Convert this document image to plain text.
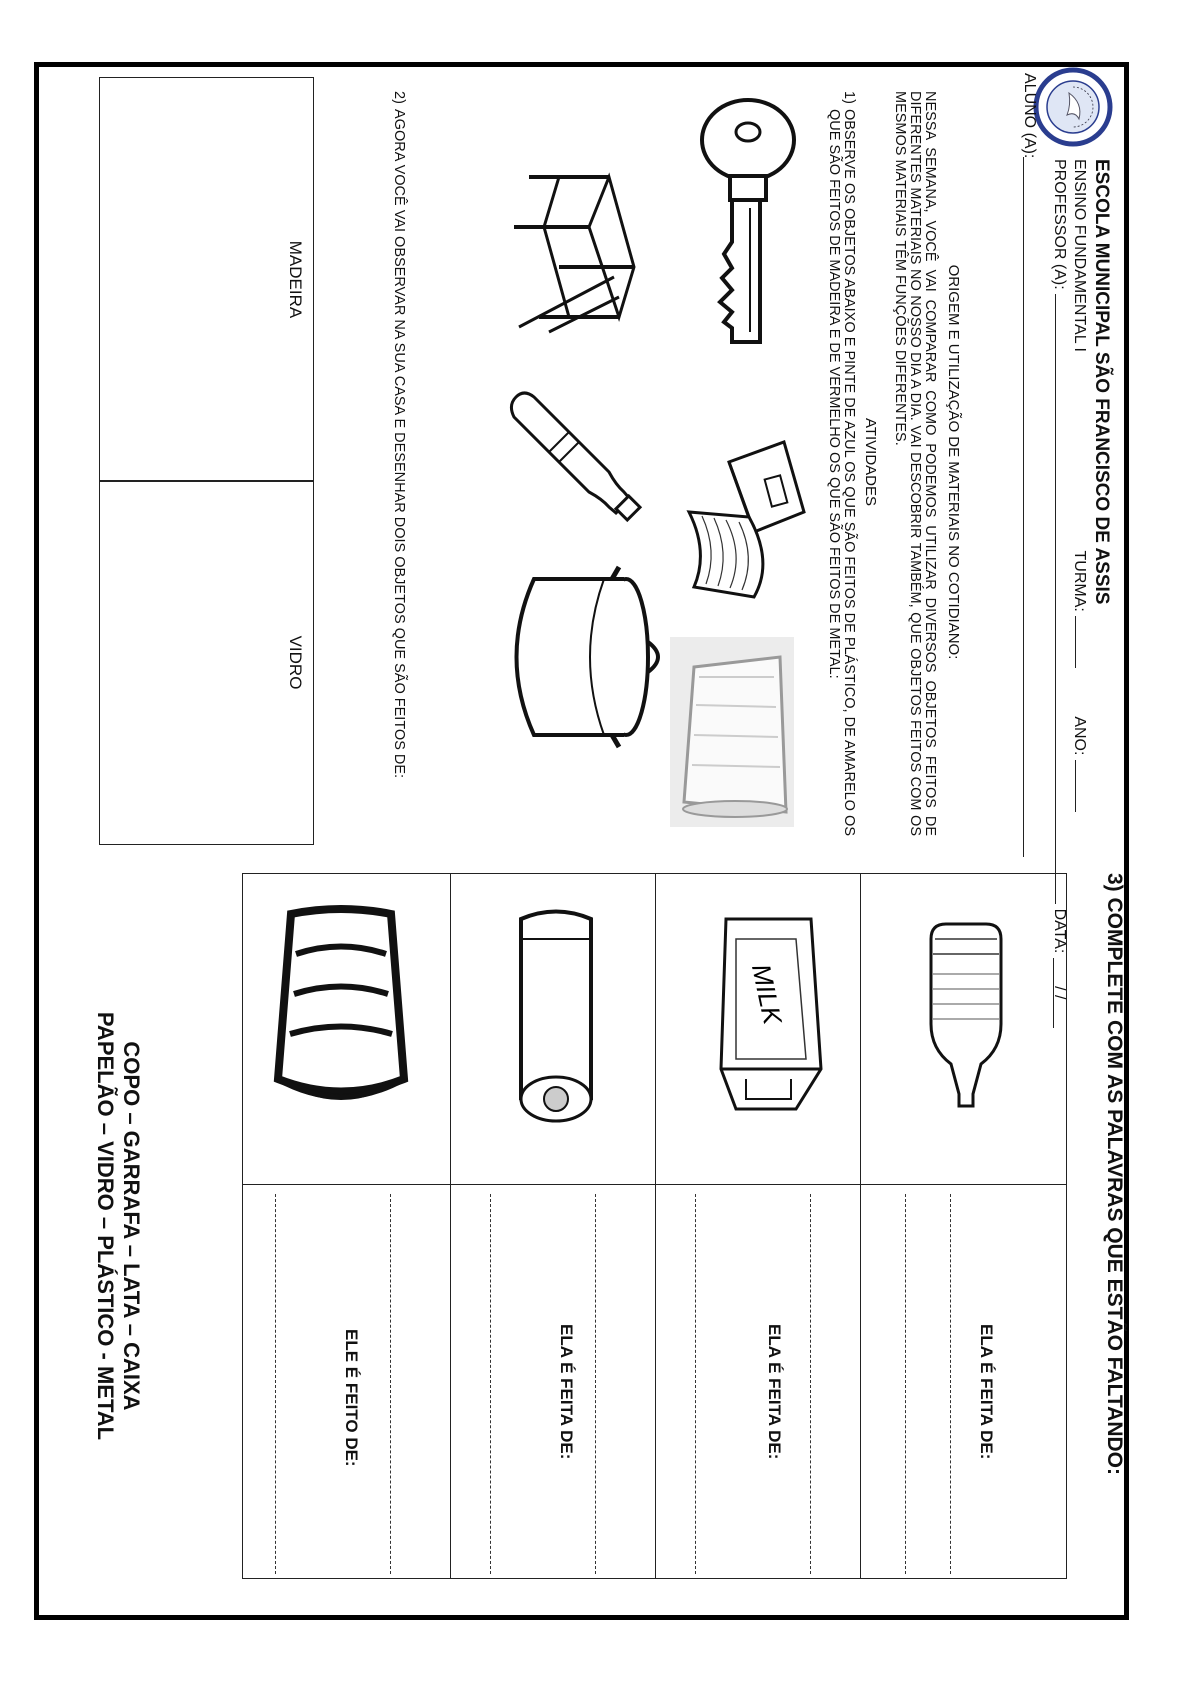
ESCOLA MUNICIPAL SÃO FRANCISCO DE ASSIS
ENSINO FUNDAMENTAL I  TURMA:   ANO:
PROFESSOR (A):  DATA: / /
ALUNO (A):
ORIGEM E UTILIZAÇÃO DE MATERIAIS NO COTIDIANO:
NESSA SEMANA, VOCÊ VAI COMPARAR COMO PODEMOS UTILIZAR DIVERSOS OBJETOS FEITOS DE DIFERENTES MATERIAIS NO NOSSO DIA A DIA. VAI DESCOBRIR TAMBÉM, QUE OBJETOS FEITOS COM OS MESMOS MATERIAIS TÊM FUNÇÕES DIFERENTES.
ATIVIDADES
1)
OBSERVE OS OBJETOS ABAIXO E PINTE DE AZUL OS QUE SÃO FEITOS DE PLÁSTICO, DE AMARELO OS QUE SÃO FEITOS DE MADEIRA E DE VERMELHO OS QUE SÃO FEITOS DE METAL:
2)
AGORA VOCÊ VAI OBSERVAR NA SUA CASA E DESENHAR DOIS OBJETOS QUE SÃO FEITOS DE:
MADEIRA
VIDRO
3) COMPLETE COM AS PALAVRAS QUE ESTÃO FALTANDO:
ELA É FEITA DE:
MILK
ELA É FEITA DE:
ELA É FEITA DE:
ELE É FEITO DE:
COPO – GARRAFA – LATA – CAIXA
PAPELÃO – VIDRO – PLÁSTICO - METAL
